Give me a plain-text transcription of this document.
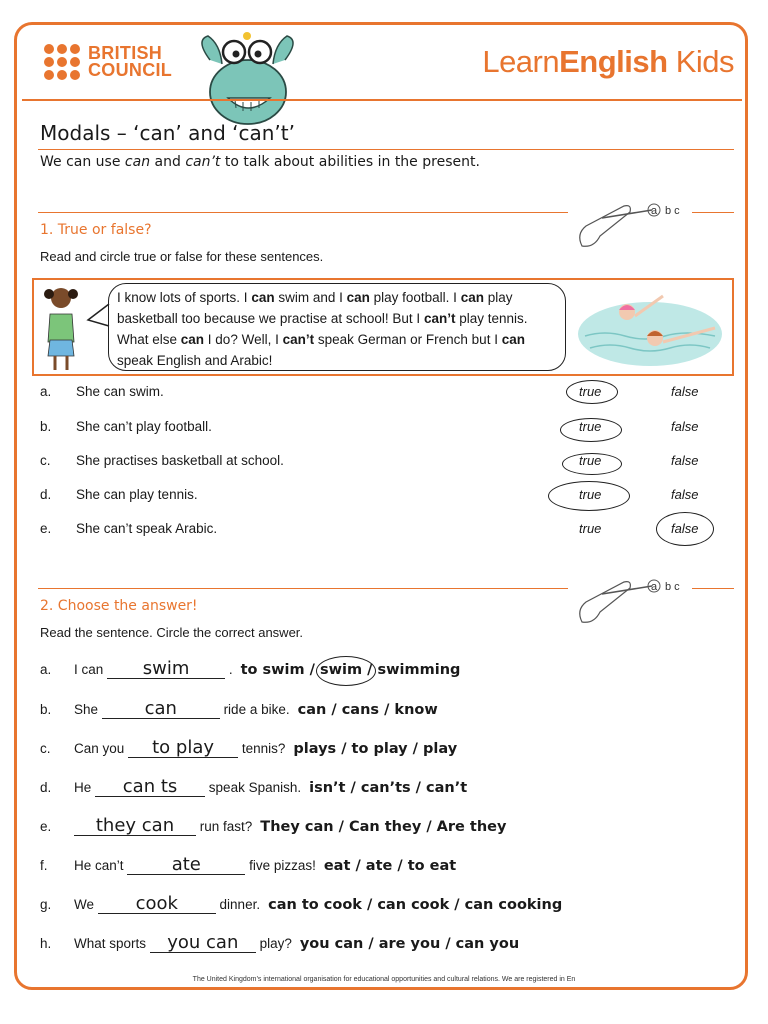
BRITISH
COUNCIL	LearnEnglish Kids
Modals – ‘can’ and ‘can’t’
We can use can and can’t to talk about abilities in the present.
a b c
1. True or false?
Read and circle true or false for these sentences.
I know lots of sports. I can swim and I can play football. I can play basketball too because we practise at school! But I can’t play tennis. What else can I do? Well, I can’t speak German or French but I can speak English and Arabic!
a. She can swim.	true	false
b. She can’t play football.	true	false
c. She practises basketball at school.	true	false
d. She can play tennis.	true	false
e. She can’t speak Arabic.	true	false
a b c
2. Choose the answer!
Read the sentence. Circle the correct answer.
a. I can swim	. to swim / swim / swimming
b. She	can	ride a bike. can / cans / know
c. Can you to play tennis? plays / to play / play
d. He can ts speak Spanish. isn’t / can’ts / can’t
e. they can run fast? They can / Can they / Are they
f. He can’t	ate	five pizzas! eat / ate / to eat
g. We cook	dinner. can to cook / can cook / can cooking
h. What sports you can play? you can / are you / can you
The United Kingdom’s international organisation for educational opportunities and cultural relations. We are registered in En
